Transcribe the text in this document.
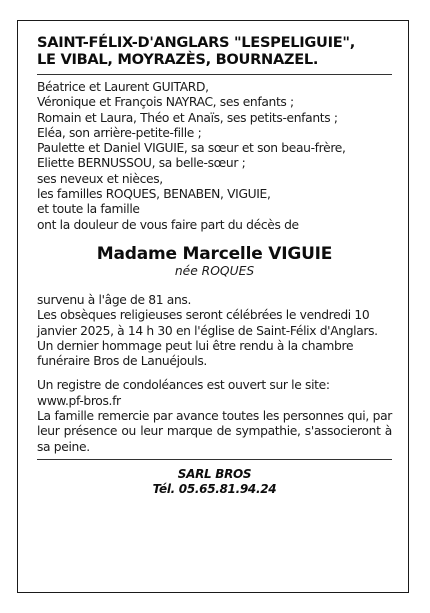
SAINT-FÉLIX-D'ANGLARS "LESPELIGUIE",
LE VIBAL, MOYRAZÈS, BOURNAZEL.
Béatrice et Laurent GUITARD,
Véronique et François NAYRAC, ses enfants ;
Romain et Laura, Théo et Anaïs, ses petits-enfants ;
Eléa, son arrière-petite-fille ;
Paulette et Daniel VIGUIE, sa sœur et son beau-frère,
Eliette BERNUSSOU, sa belle-sœur ;
ses neveux et nièces,
les familles ROQUES, BENABEN, VIGUIE,
et toute la famille
ont la douleur de vous faire part du décès de
Madame Marcelle VIGUIE
née ROQUES

survenu à l'âge de 81 ans.

Les obsèques religieuses seront célébrées le vendredi 10 janvier 2025, à 14 h 30 en l'église de Saint-Félix d'Anglars.

Un dernier hommage peut lui être rendu à la chambre funéraire Bros de Lanuéjouls.

Un registre de condoléances est ouvert sur le site:

www.pf-bros.fr

La famille remercie par avance toutes les personnes qui, par leur présence ou leur marque de sympathie, s'associeront à sa peine.

SARL BROS
Tél. 05.65.81.94.24
